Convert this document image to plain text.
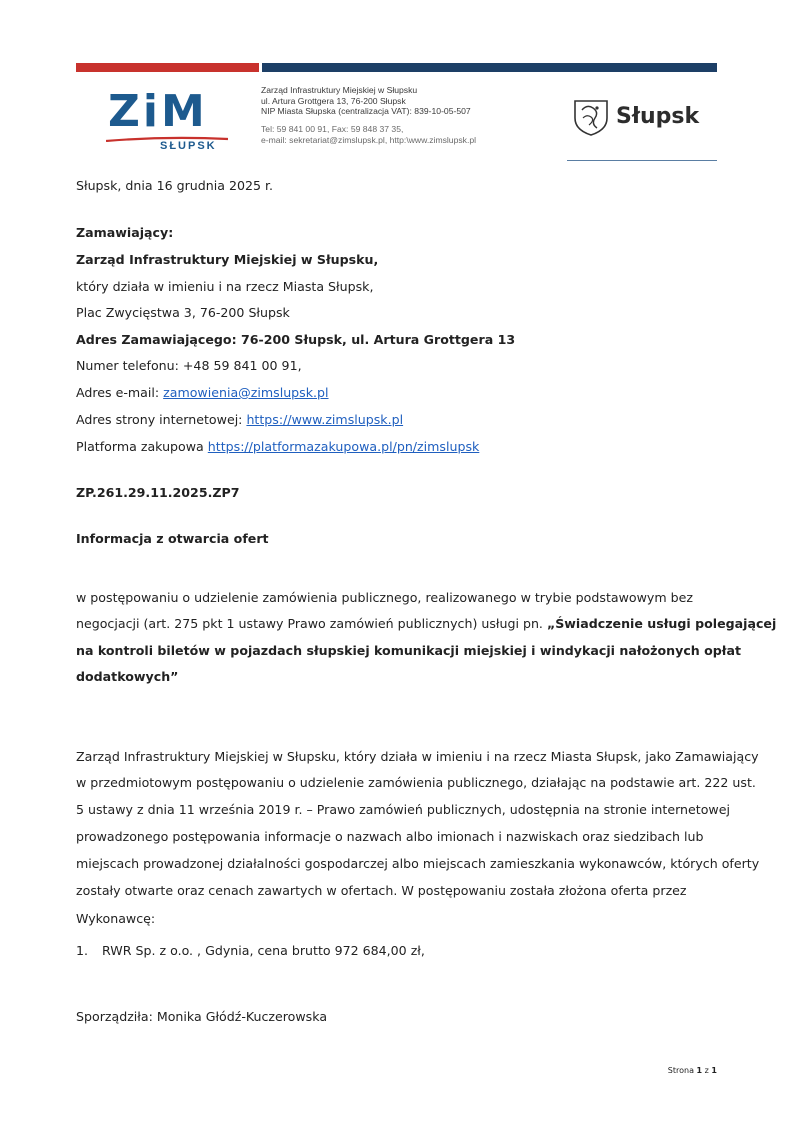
ZiM
SŁUPSK
Zarząd Infrastruktury Miejskiej w Słupsku
ul. Artura Grottgera 13, 76-200 Słupsk
NIP Miasta Słupska (centralizacja VAT): 839-10-05-507
Tel: 59 841 00 91, Fax: 59 848 37 35,
e-mail: sekretariat@zimslupsk.pl, http:\www.zimslupsk.pl
Słupsk
Słupsk, dnia 16 grudnia 2025 r.
Zamawiający:
Zarząd Infrastruktury Miejskiej w Słupsku,
który działa w imieniu i na rzecz Miasta Słupsk,
Plac Zwycięstwa 3, 76-200 Słupsk
Adres Zamawiającego: 76-200 Słupsk, ul. Artura Grottgera 13
Numer telefonu: +48 59 841 00 91,
Adres e-mail: zamowienia@zimslupsk.pl
Adres strony internetowej: https://www.zimslupsk.pl
Platforma zakupowa https://platformazakupowa.pl/pn/zimslupsk
ZP.261.29.11.2025.ZP7
Informacja z otwarcia ofert
w postępowaniu o udzielenie zamówienia publicznego, realizowanego w trybie podstawowym bez
negocjacji (art. 275 pkt 1 ustawy Prawo zamówień publicznych) usługi pn. „Świadczenie usługi polegającej
na kontroli biletów w pojazdach słupskiej komunikacji miejskiej i windykacji nałożonych opłat
dodatkowych”
Zarząd Infrastruktury Miejskiej w Słupsku, który działa w imieniu i na rzecz Miasta Słupsk, jako Zamawiający
w przedmiotowym postępowaniu o udzielenie zamówienia publicznego, działając na podstawie art. 222 ust.
5 ustawy z dnia 11 września 2019 r. – Prawo zamówień publicznych, udostępnia na stronie internetowej
prowadzonego postępowania informacje o nazwach albo imionach i nazwiskach oraz siedzibach lub
miejscach prowadzonej działalności gospodarczej albo miejscach zamieszkania wykonawców, których oferty
zostały otwarte oraz cenach zawartych w ofertach. W postępowaniu została złożona oferta przez
Wykonawcę:
1. RWR Sp. z o.o. , Gdynia, cena brutto 972 684,00 zł,
Sporządziła: Monika Głódź-Kuczerowska
Strona 1 z 1
